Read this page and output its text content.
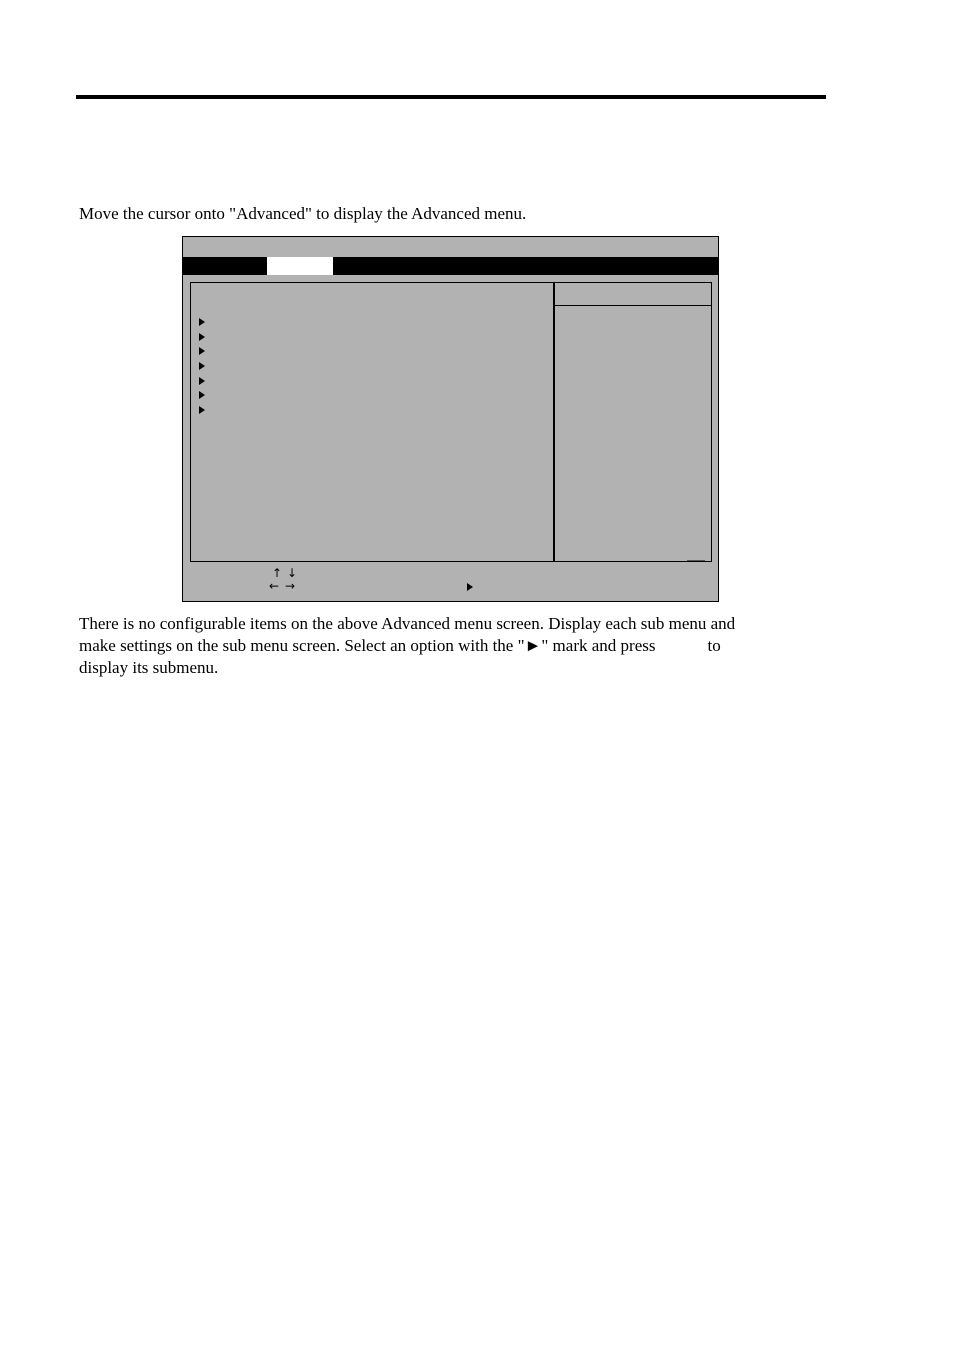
Move the cursor onto "Advanced" to display the Advanced menu.

↑ ↓
← →

There is no configurable items on the above Advanced menu screen. Display each sub menu and
make settings on the sub menu screen. Select an option with the "►" mark and press	to
display its submenu.
